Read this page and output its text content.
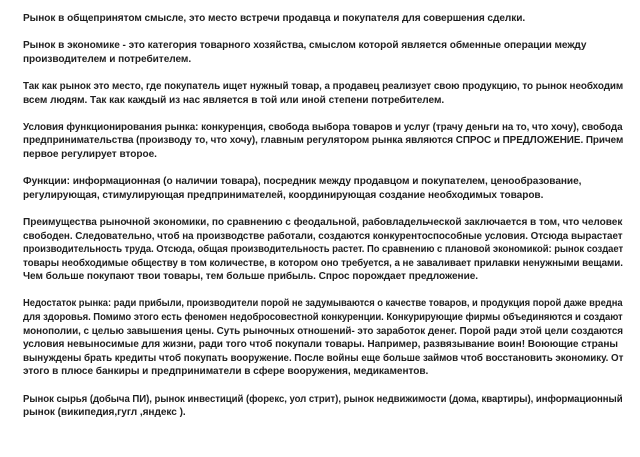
Рынок в общепринятом смысле, это место встречи продавца и покупателя для совершения сделки.

Рынок в экономике - это категория товарного хозяйства, смыслом которой является обменные операции между
производителем и потребителем.

Так как рынок это место, где покупатель ищет нужный товар, а продавец реализует свою продукцию, то рынок необходим
всем людям. Так как каждый из нас является в той или иной степени потребителем.

Условия функционирования рынка: конкуренция, свобода выбора товаров и услуг (трачу деньги на то, что хочу), свобода
предпринимательства (производу то, что хочу), главным регулятором рынка являются СПРОС и ПРЕДЛОЖЕНИЕ. Причем
первое регулирует второе.

Функции: информационная (о наличии товара), посредник между продавцом и покупателем, ценообразование,
регулирующая, стимулирующая предпринимателей, координирующая создание необходимых товаров.

Преимущества рыночной экономики, по сравнению с феодальной, рабовладельческой заключается в том, что человек
свободен. Следовательно, чтоб на производстве работали, создаются конкурентоспособные условия. Отсюда вырастает
производительность труда. Отсюда, общая производительность растет. По сравнению с плановой экономикой: рынок создает
товары необходимые обществу в том количестве, в котором оно требуется, а не заваливает прилавки ненужными вещами.
Чем больше покупают твои товары, тем больше прибыль. Спрос порождает предложение.

Недостаток рынка: ради прибыли, производители порой не задумываются о качестве товаров, и продукция порой даже вредна
для здоровья. Помимо этого есть феномен недобросовестной конкуренции. Конкурирующие фирмы объединяются и создают
монополии, с целью завышения цены. Суть рыночных отношений- это заработок денег. Порой ради этой цели создаются
условия невыносимые для жизни, ради того чтоб покупали товары. Например, развязывание воин! Воюющие страны
вынуждены брать кредиты чтоб покупать вооружение. После войны еще больше займов чтоб восстановить экономику. От
этого в плюсе банкиры и предприниматели в сфере вооружения, медикаментов.

Рынок сырья (добыча ПИ), рынок инвестиций (форекс, уол стрит), рынок недвижимости (дома, квартиры), информационный
рынок (википедия,гугл ,яндекс ).
